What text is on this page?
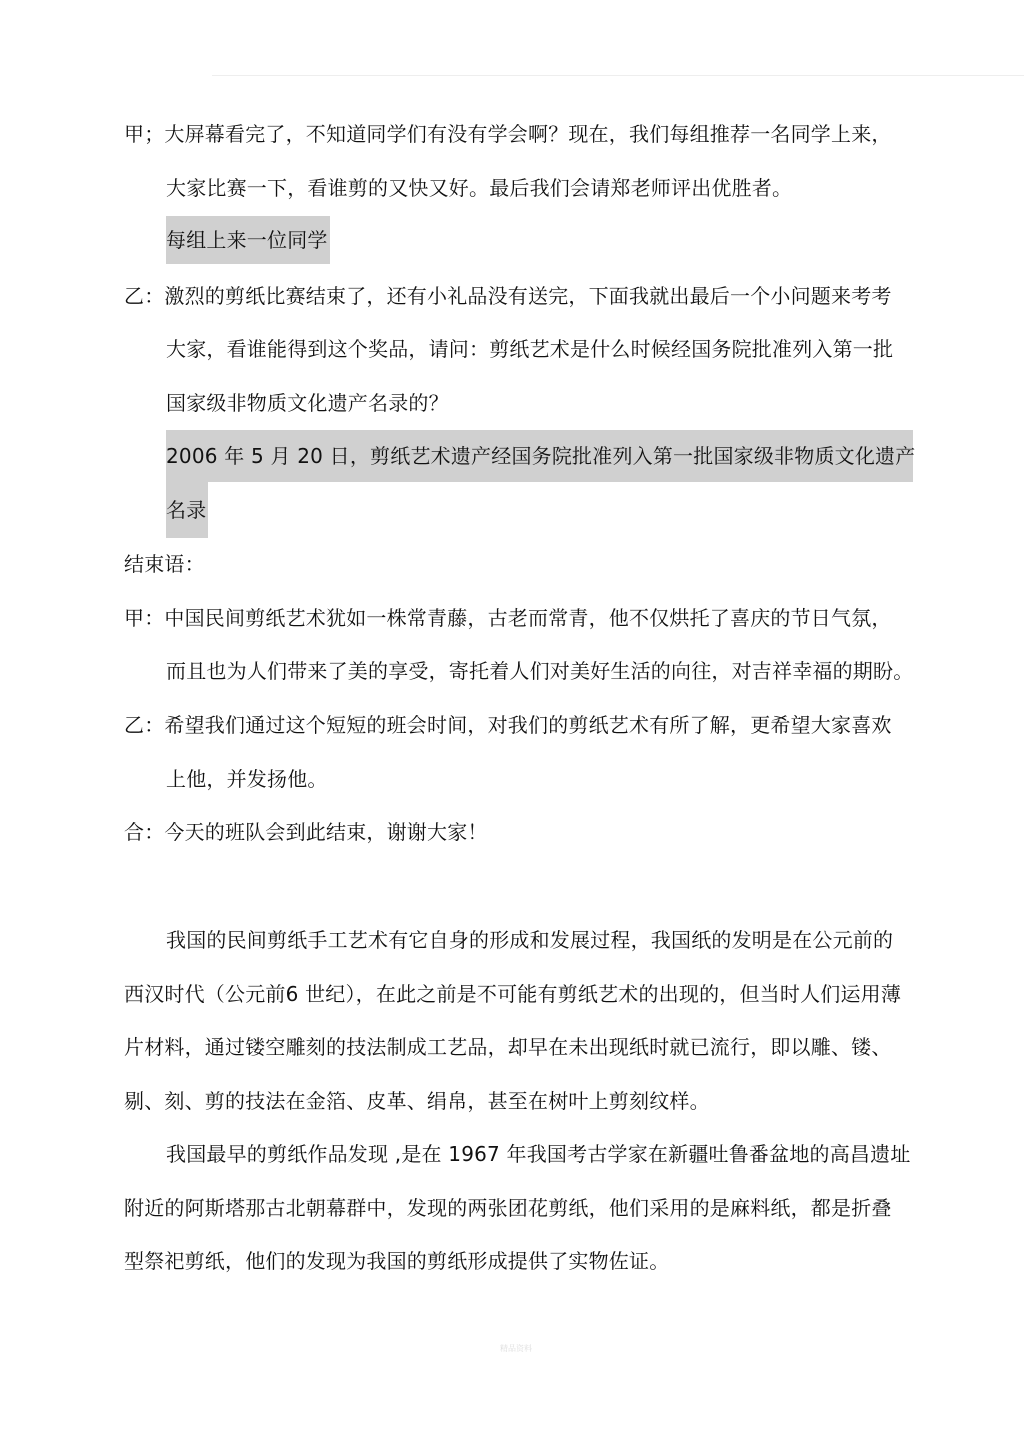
甲；大屏幕看完了，不知道同学们有没有学会啊？现在，我们每组推荐一名同学上来，
大家比赛一下，看谁剪的又快又好。最后我们会请郑老师评出优胜者。
每组上来一位同学
乙：激烈的剪纸比赛结束了，还有小礼品没有送完，下面我就出最后一个小问题来考考
大家，看谁能得到这个奖品，请问：剪纸艺术是什么时候经国务院批准列入第一批
国家级非物质文化遗产名录的？
2006 年 5 月 20 日，剪纸艺术遗产经国务院批准列入第一批国家级非物质文化遗产
名录
结束语：
甲：中国民间剪纸艺术犹如一株常青藤，古老而常青，他不仅烘托了喜庆的节日气氛，
而且也为人们带来了美的享受，寄托着人们对美好生活的向往，对吉祥幸福的期盼。
乙：希望我们通过这个短短的班会时间，对我们的剪纸艺术有所了解，更希望大家喜欢
上他，并发扬他。
合：今天的班队会到此结束，谢谢大家！
我国的民间剪纸手工艺术有它自身的形成和发展过程，我国纸的发明是在公元前的
西汉时代（公元前6 世纪），在此之前是不可能有剪纸艺术的出现的，但当时人们运用薄
片材料，通过镂空雕刻的技法制成工艺品，却早在未出现纸时就已流行，即以雕、镂、
剔、刻、剪的技法在金箔、皮革、绢帛，甚至在树叶上剪刻纹样。
我国最早的剪纸作品发现 ,是在 1967 年我国考古学家在新疆吐鲁番盆地的高昌遗址
附近的阿斯塔那古北朝幕群中，发现的两张团花剪纸，他们采用的是麻料纸，都是折叠
型祭祀剪纸，他们的发现为我国的剪纸形成提供了实物佐证。
精品资料
